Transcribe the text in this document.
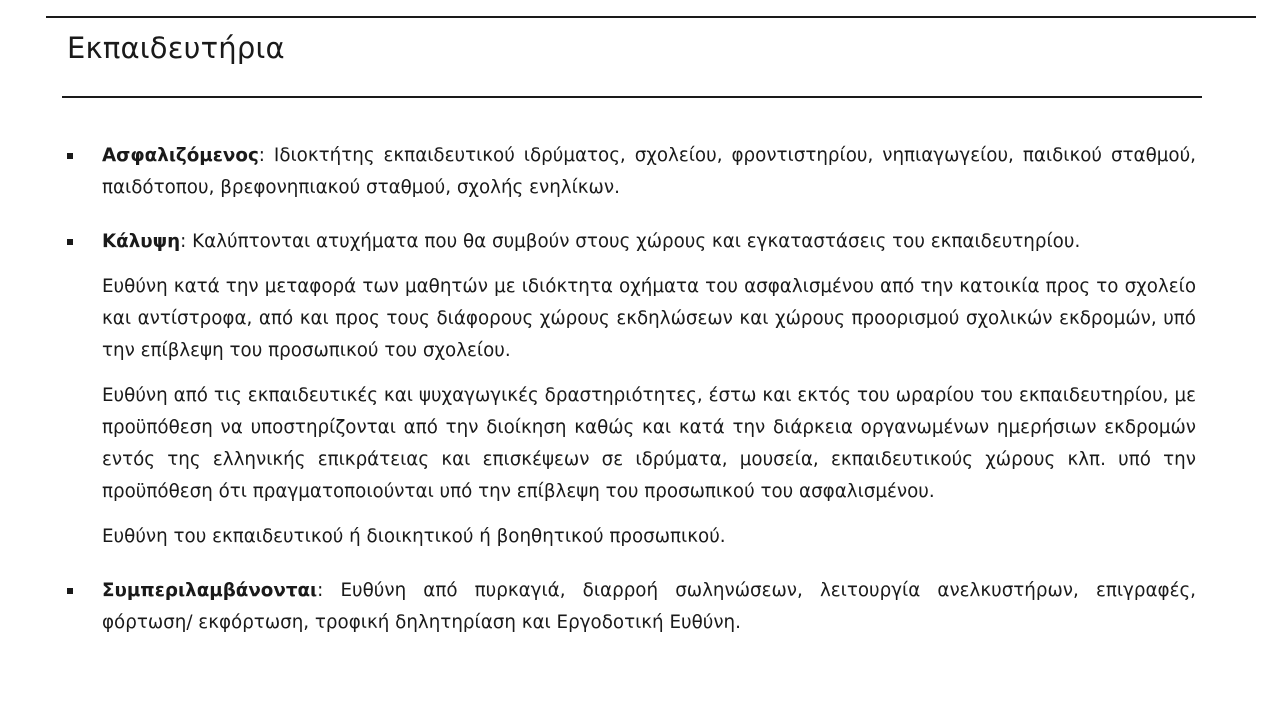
Εκπαιδευτήρια

Ασφαλιζόμενος: Ιδιοκτήτης εκπαιδευτικού ιδρύματος, σχολείου, φροντιστηρίου, νηπιαγωγείου, παιδικού σταθμού, παιδότοπου, βρεφονηπιακού σταθμού, σχολής ενηλίκων.

Κάλυψη: Καλύπτονται ατυχήματα που θα συμβούν στους χώρους και εγκαταστάσεις του εκπαιδευτηρίου.

Ευθύνη κατά την μεταφορά των μαθητών με ιδιόκτητα οχήματα του ασφαλισμένου από την κατοικία προς το σχολείο και αντίστροφα, από και προς τους διάφορους χώρους εκδηλώσεων και χώρους προορισμού σχολικών εκδρομών, υπό την επίβλεψη του προσωπικού του σχολείου.

Ευθύνη από τις εκπαιδευτικές και ψυχαγωγικές δραστηριότητες, έστω και εκτός του ωραρίου του εκπαιδευτηρίου, με προϋπόθεση να υποστηρίζονται από την διοίκηση καθώς και κατά την διάρκεια οργανωμένων ημερήσιων εκδρομών εντός της ελληνικής επικράτειας και επισκέψεων σε ιδρύματα, μουσεία, εκπαιδευτικούς χώρους κλπ. υπό την προϋπόθεση ότι πραγματοποιούνται υπό την επίβλεψη του προσωπικού του ασφαλισμένου.

Ευθύνη του εκπαιδευτικού ή διοικητικού ή βοηθητικού προσωπικού.

Συμπεριλαμβάνονται: Ευθύνη από πυρκαγιά, διαρροή σωληνώσεων, λειτουργία ανελκυστήρων, επιγραφές, φόρτωση/ εκφόρτωση, τροφική δηλητηρίαση και Εργοδοτική Ευθύνη.
